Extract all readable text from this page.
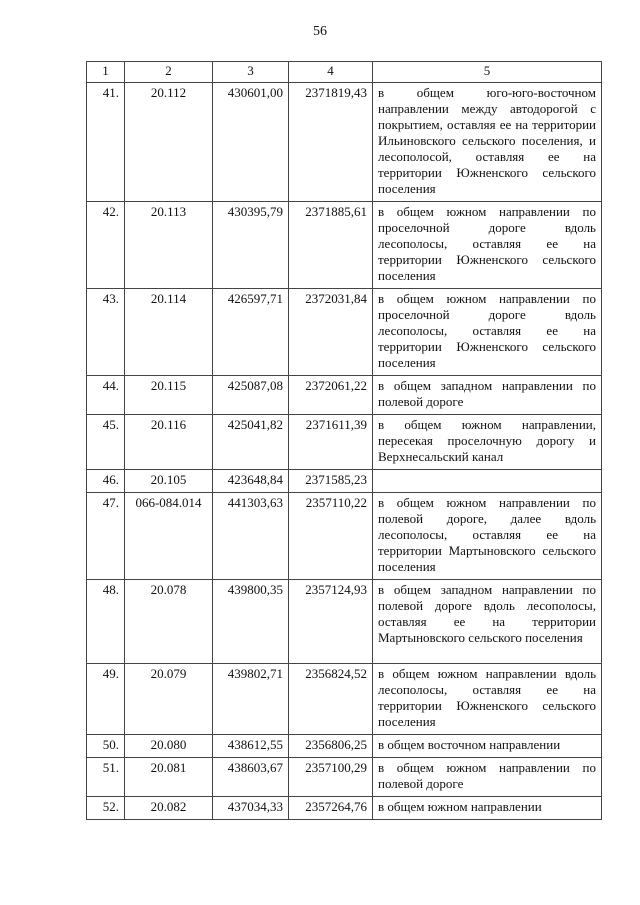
56
1	2	3	4	5
41.	20.112	430601,00	2371819,43	в общем юго-юго-восточном направлении между автодорогой с покрытием, оставляя ее на территории Ильиновского сельского поселения, и лесополосой, оставляя ее на территории Южненского сельского поселения
42.	20.113	430395,79	2371885,61	в общем южном направлении по проселочной дороге вдоль лесополосы, оставляя ее на территории Южненского сельского поселения
43.	20.114	426597,71	2372031,84	в общем южном направлении по проселочной дороге вдоль лесополосы, оставляя ее на территории Южненского сельского поселения
44.	20.115	425087,08	2372061,22	в общем западном направлении по полевой дороге
45.	20.116	425041,82	2371611,39	в общем южном направлении, пересекая проселочную дорогу и Верхнесальский канал
46.	20.105	423648,84	2371585,23	
47.	066-084.014	441303,63	2357110,22	в общем южном направлении по полевой дороге, далее вдоль лесополосы, оставляя ее на территории Мартыновского сельского поселения
48.	20.078	439800,35	2357124,93	в общем западном направлении по полевой дороге вдоль лесополосы, оставляя ее на территории Мартыновского сельского поселения
49.	20.079	439802,71	2356824,52	в общем южном направлении вдоль лесополосы, оставляя ее на территории Южненского сельского поселения
50.	20.080	438612,55	2356806,25	в общем восточном направлении
51.	20.081	438603,67	2357100,29	в общем южном направлении по полевой дороге
52.	20.082	437034,33	2357264,76	в общем южном направлении
